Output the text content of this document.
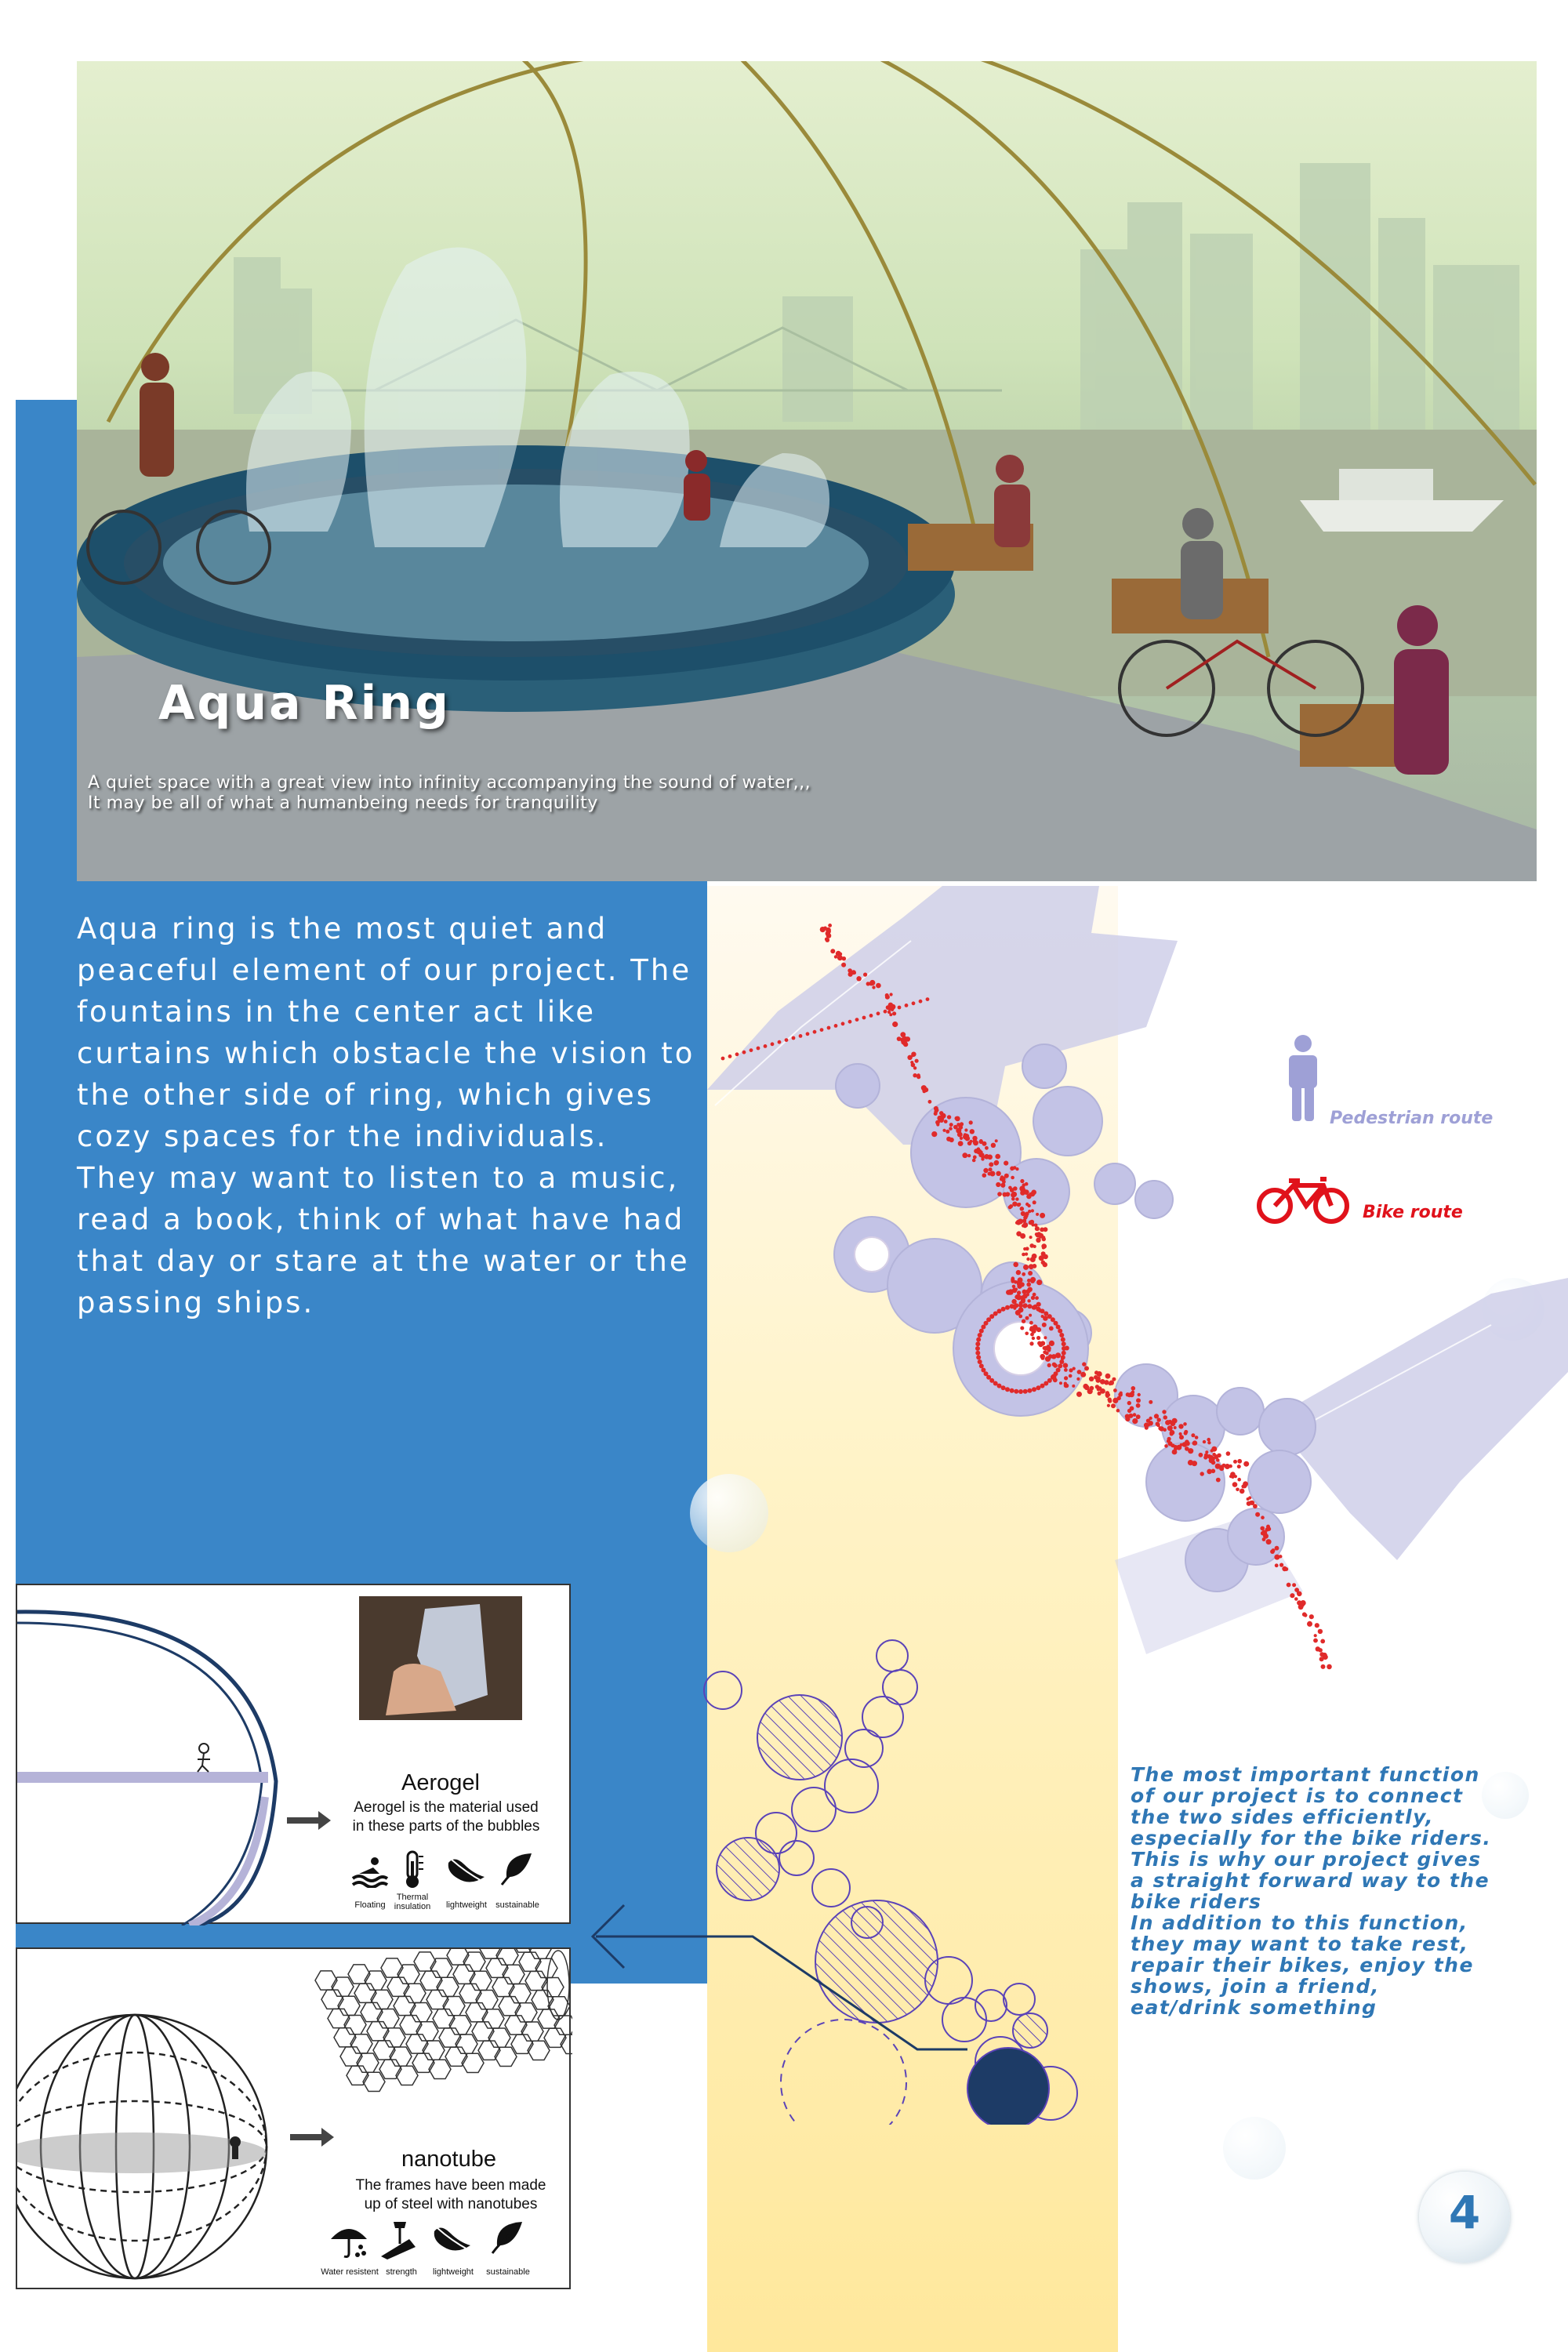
Aqua Ring
A quiet space with a great view into infinity accompanying the sound of water,,,
It may be all of what a humanbeing needs for tranquility
Aqua ring is the most quiet and peaceful element of our project. The fountains in the center act like curtains which obstacle the vision to the other side of ring, which gives cozy spaces for the individuals. They may want to listen to a music, read a book, think of what have had that day or stare at the water or the passing ships.
Pedestrian route
Bike route
The most important function
of our project is to connect
the two sides efficiently,
especially for the bike riders.
This is why our project gives
a straight forward way to the
bike riders
In addition to this function,
they may want to take rest,
repair their bikes, enjoy the
shows, join a friend,
eat/drink something
Aerogel
Aerogel is the material used
in these parts of the bubbles
Floating
Thermal
insulation lightweight sustainable
nanotube
The frames have been made
up of steel with nanotubes
Water resistent strength lightweight sustainable
4
